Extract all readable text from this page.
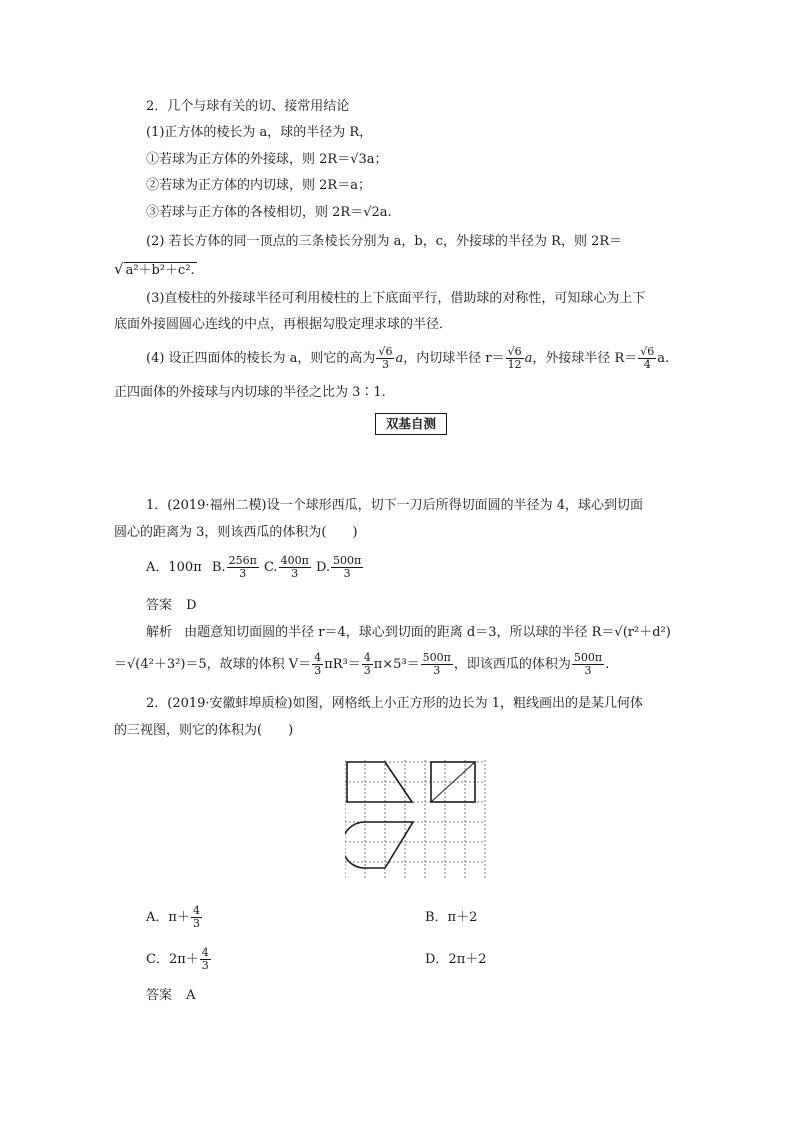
2．几个与球有关的切、接常用结论
(1)正方体的棱长为 a，球的半径为 R，
①若球为正方体的外接球，则 2R＝√3a；
②若球为正方体的内切球，则 2R＝a；
③若球与正方体的各棱相切，则 2R＝√2a.
(2) 若长方体的同一顶点的三条棱长分别为 a，b，c，外接球的半径为 R，则 2R＝
√ a²＋b²＋c².
(3)直棱柱的外接球半径可利用棱柱的上下底面平行，借助球的对称性，可知球心为上下
底面外接圆圆心连线的中点，再根据勾股定理求球的半径．
(4) 设正四面体的棱长为 a，则它的高为 $\frac{√6}{3}$ a，内切球半径 $r= \frac{√6}{12}$ a，外接球半径 $R= \frac{√6}{4} a$.
正四面体的外接球与内切球的半径之比为 3∶1.
双基自测
1．(2019·福州二模)设一个球形西瓜，切下一刀后所得切面圆的半径为 4，球心到切面
圆心的距离为 3，则该西瓜的体积为(　　)
A．100π B. $\frac{256\pi}{3} C$. $\frac{400\pi}{3} D$. $\frac{500\pi}{3}$
答案 D
解析 由题意知切面圆的半径 r＝4，球心到切面的距离 d＝3，所以球的半径 R＝√(r²＋d²)
＝√(4²＋3²)＝5，故球的体积 $V= \frac{4}{3} \pi R^3= \frac{4}{3} \pi\times 5^3= \frac{500\pi}{3}$ ，即该西瓜的体积为 $\frac{500\pi}{3}$ .
2．(2019·安徽蚌埠质检)如图，网格纸上小正方形的边长为 1，粗线画出的是某几何体
的三视图，则它的体积为(　　)
A．$\pi+ \frac{4}{3}$	B．π＋2
C．$2\pi+ \frac{4}{3}$	D．2π＋2
答案 A
